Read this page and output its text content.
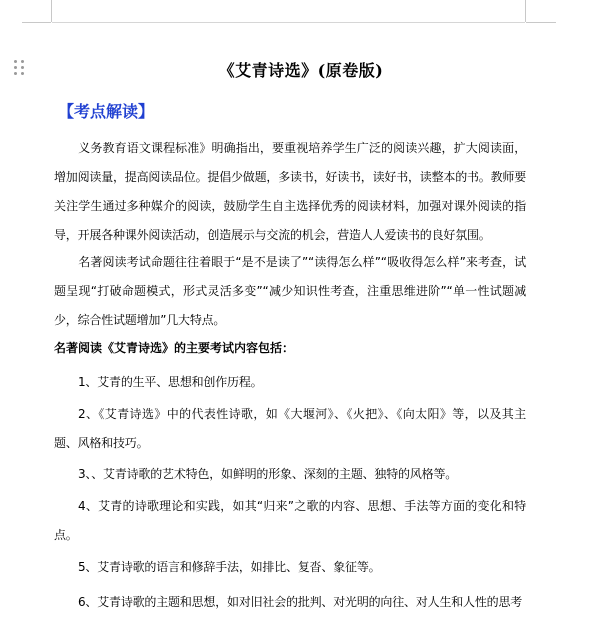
《艾青诗选》(原卷版)
【考点解读】
义务教育语文课程标准》明确指出，要重视培养学生广泛的阅读兴趣，扩大阅读面，增加阅读量，提高阅读品位。提倡少做题，多读书，好读书，读好书，读整本的书。教师要关注学生通过多种媒介的阅读，鼓励学生自主选择优秀的阅读材料，加强对课外阅读的指导，开展各种课外阅读活动，创造展示与交流的机会，营造人人爱读书的良好氛围。
名著阅读考试命题往往着眼于“是不是读了”“读得怎么样”“吸收得怎么样”来考查，试题呈现“打破命题模式，形式灵活多变”“减少知识性考查，注重思维进阶”“单一性试题减少，综合性试题增加”几大特点。
名著阅读《艾青诗选》的主要考试内容包括：
1、艾青的生平、思想和创作历程。
2、《艾青诗选》中的代表性诗歌，如《大堰河》、《火把》、《向太阳》等，以及其主题、风格和技巧。
3、、艾青诗歌的艺术特色，如鲜明的形象、深刻的主题、独特的风格等。
4、艾青的诗歌理论和实践，如其“归来”之歌的内容、思想、手法等方面的变化和特点。
5、艾青诗歌的语言和修辞手法，如排比、复沓、象征等。
6、艾青诗歌的主题和思想，如对旧社会的批判、对光明的向往、对人生和人性的思考
